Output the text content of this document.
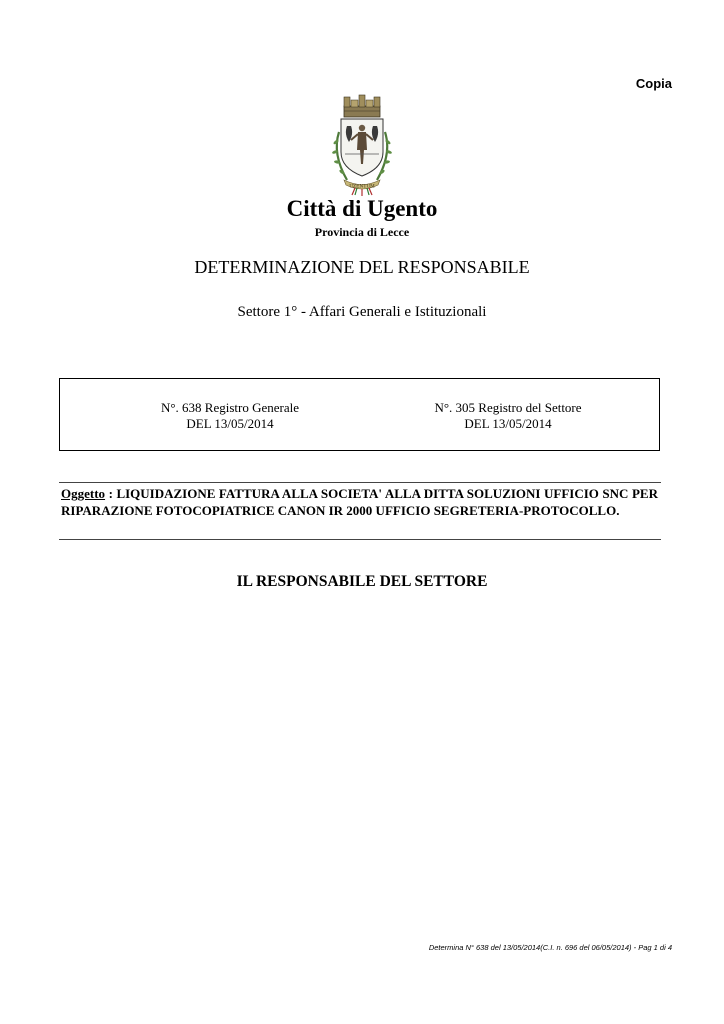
Copia
UZENTUM
Città di Ugento
Provincia di Lecce
DETERMINAZIONE DEL RESPONSABILE
Settore 1° - Affari Generali e Istituzionali
N°. 638 Registro Generale
DEL 13/05/2014
N°. 305 Registro del Settore
DEL 13/05/2014
Oggetto : LIQUIDAZIONE FATTURA ALLA SOCIETA' ALLA DITTA SOLUZIONI UFFICIO SNC PER RIPARAZIONE FOTOCOPIATRICE CANON IR 2000 UFFICIO SEGRETERIA-PROTOCOLLO.
IL RESPONSABILE DEL SETTORE
Determina N° 638 del 13/05/2014(C.I. n. 696 del 06/05/2014) - Pag 1 di 4
